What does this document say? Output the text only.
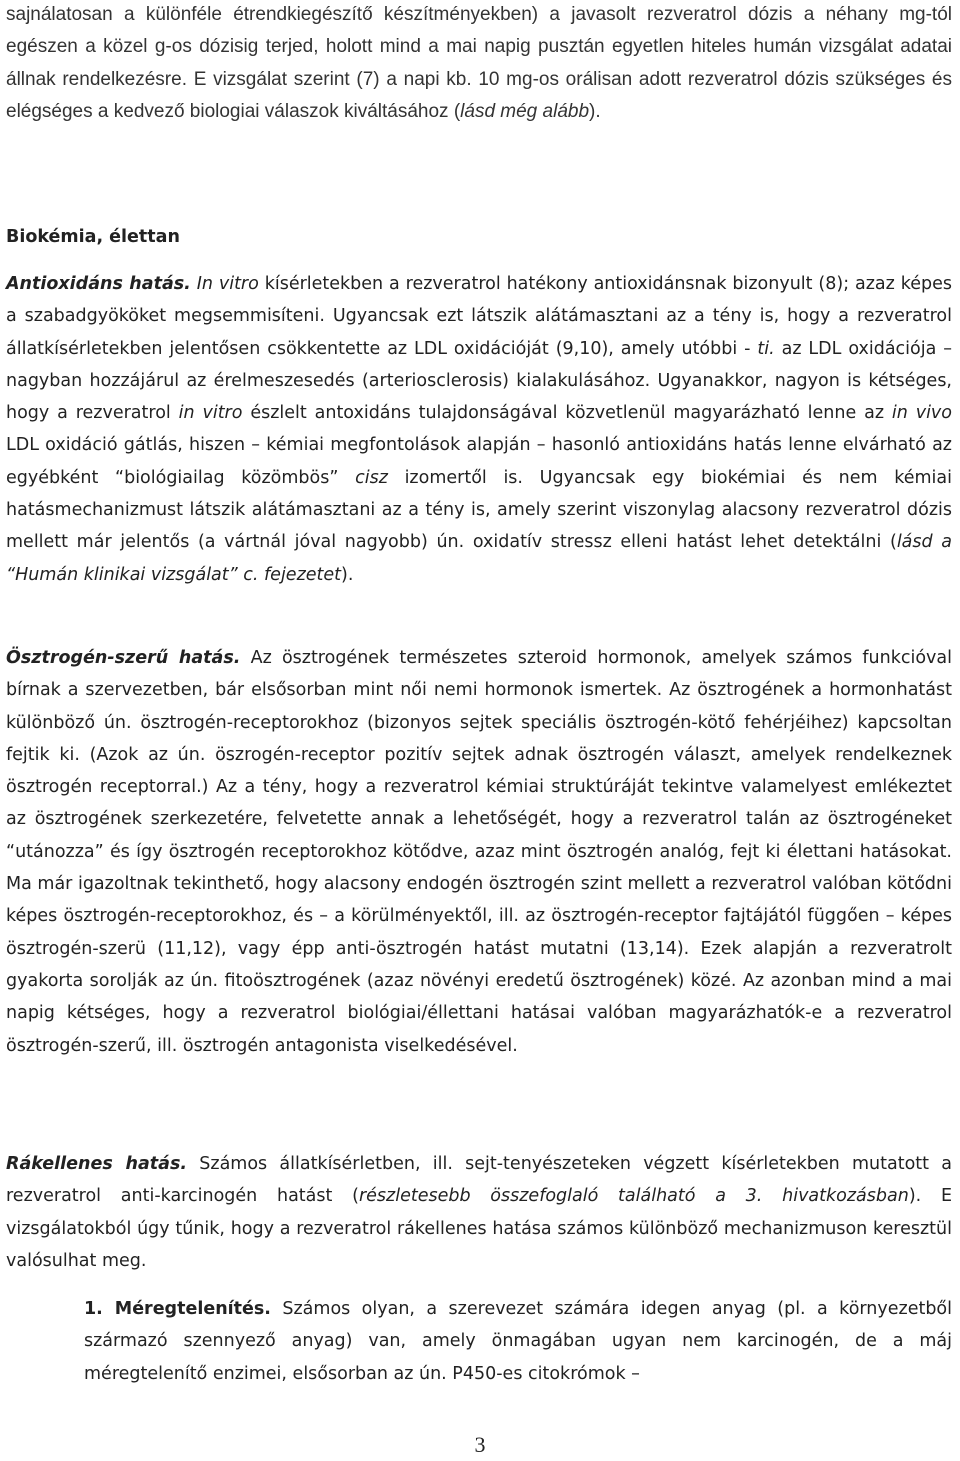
sajnálatosan a különféle étrendkiegészítő készítményekben) a javasolt rezveratrol dózis a néhany mg-tól egészen a közel g-os dózisig terjed, holott mind a mai napig pusztán egyetlen hiteles humán vizsgálat adatai állnak rendelkezésre. E vizsgálat szerint (7) a napi kb. 10 mg-os orálisan adott rezveratrol dózis szükséges és elégséges a kedvező biologiai válaszok kiváltásához (lásd még alább).

Biokémia, élettan

Antioxidáns hatás. In vitro kísérletekben a rezveratrol hatékony antioxidánsnak bizonyult (8); azaz képes a szabadgyököket megsemmisíteni. Ugyancsak ezt látszik alátámasztani az a tény is, hogy a rezveratrol állatkísérletekben jelentősen csökkentette az LDL oxidációját (9,10), amely utóbbi - ti. az LDL oxidációja – nagyban hozzájárul az érelmeszesedés (arteriosclerosis) kialakulásához. Ugyanakkor, nagyon is kétséges, hogy a rezveratrol in vitro észlelt antoxidáns tulajdonságával közvetlenül magyarázható lenne az in vivo LDL oxidáció gátlás, hiszen – kémiai megfontolások alapján – hasonló antioxidáns hatás lenne elvárható az egyébként “biológiailag közömbös” cisz izomertől is. Ugyancsak egy biokémiai és nem kémiai hatásmechanizmust látszik alátámasztani az a tény is, amely szerint viszonylag alacsony rezveratrol dózis mellett már jelentős (a vártnál jóval nagyobb) ún. oxidatív stressz elleni hatást lehet detektálni (lásd a “Humán klinikai vizsgálat” c. fejezetet).

Ösztrogén-szerű hatás. Az ösztrogének természetes szteroid hormonok, amelyek számos funkcióval bírnak a szervezetben, bár elsősorban mint női nemi hormonok ismertek. Az ösztrogének a hormonhatást különböző ún. ösztrogén-receptorokhoz (bizonyos sejtek speciális ösztrogén-kötő fehérjéihez) kapcsoltan fejtik ki. (Azok az ún. öszrogén-receptor pozitív sejtek adnak ösztrogén választ, amelyek rendelkeznek ösztrogén receptorral.) Az a tény, hogy a rezveratrol kémiai struktúráját tekintve valamelyest emlékeztet az ösztrogének szerkezetére, felvetette annak a lehetőségét, hogy a rezveratrol talán az ösztrogéneket “utánozza” és így ösztrogén receptorokhoz kötődve, azaz mint ösztrogén analóg, fejt ki élettani hatásokat. Ma már igazoltnak tekinthető, hogy alacsony endogén ösztrogén szint mellett a rezveratrol valóban kötődni képes ösztrogén-receptorokhoz, és – a körülményektől, ill. az ösztrogén-receptor fajtájától függően – képes ösztrogén-szerü (11,12), vagy épp anti-ösztrogén hatást mutatni (13,14). Ezek alapján a rezveratrolt gyakorta sorolják az ún. fitoösztrogének (azaz növényi eredetű ösztrogének) közé. Az azonban mind a mai napig kétséges, hogy a rezveratrol biológiai/éllettani hatásai valóban magyarázhatók-e a rezveratrol ösztrogén-szerű, ill. ösztrogén antagonista viselkedésével.

Rákellenes hatás. Számos állatkísérletben, ill. sejt-tenyészeteken végzett kísérletekben mutatott a rezveratrol anti-karcinogén hatást (részletesebb összefoglaló található a 3. hivatkozásban). E vizsgálatokból úgy tűnik, hogy a rezveratrol rákellenes hatása számos különböző mechanizmuson keresztül valósulhat meg.

1. Méregtelenítés. Számos olyan, a szerevezet számára idegen anyag (pl. a környezetből származó szennyező anyag) van, amely önmagában ugyan nem karcinogén, de a máj méregtelenítő enzimei, elsősorban az ún. P450-es citokrómok –

3
